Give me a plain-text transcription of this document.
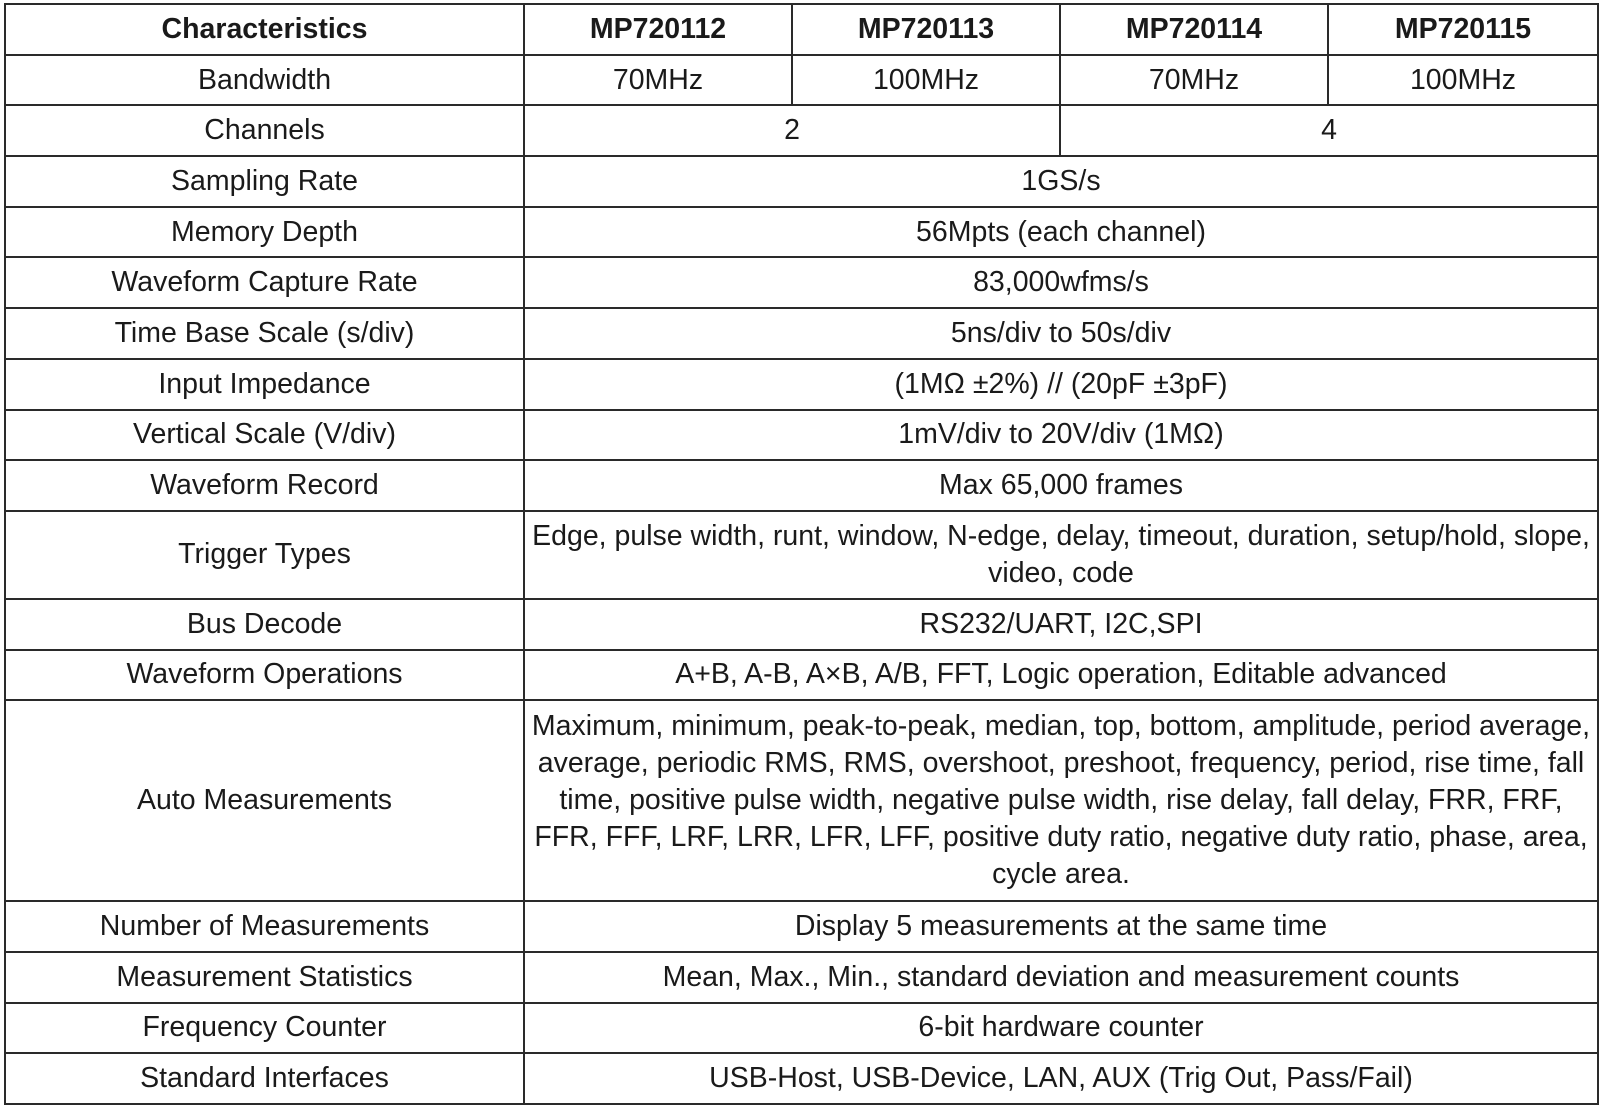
Characteristics	MP720112	MP720113	MP720114	MP720115
Bandwidth	70MHz	100MHz	70MHz	100MHz
Channels	2		4	
Sampling Rate	1GS/s			
Memory Depth	56Mpts (each channel)			
Waveform Capture Rate	83,000wfms/s			
Time Base Scale (s/div)	5ns/div to 50s/div			
Input Impedance	(1MΩ ±2%) // (20pF ±3pF)			
Vertical Scale (V/div)	1mV/div to 20V/div (1MΩ)			
Waveform Record	Max 65,000 frames			
Trigger Types	Edge, pulse width, runt, window, N-edge, delay, timeout, duration, setup/hold, slope, video, code			
Bus Decode	RS232/UART, I2C,SPI			
Waveform Operations	A+B, A-B, A×B, A/B, FFT, Logic operation, Editable advanced			
Auto Measurements	Maximum, minimum, peak-to-peak, median, top, bottom, amplitude, period average, average, periodic RMS, RMS, overshoot, preshoot, frequency, period, rise time, fall time, positive pulse width, negative pulse width, rise delay, fall delay, FRR, FRF, FFR, FFF, LRF, LRR, LFR, LFF, positive duty ratio, negative duty ratio, phase, area, cycle area.			
Number of Measurements	Display 5 measurements at the same time			
Measurement Statistics	Mean, Max., Min., standard deviation and measurement counts			
Frequency Counter	6-bit hardware counter			
Standard Interfaces	USB-Host, USB-Device, LAN, AUX (Trig Out, Pass/Fail)			
